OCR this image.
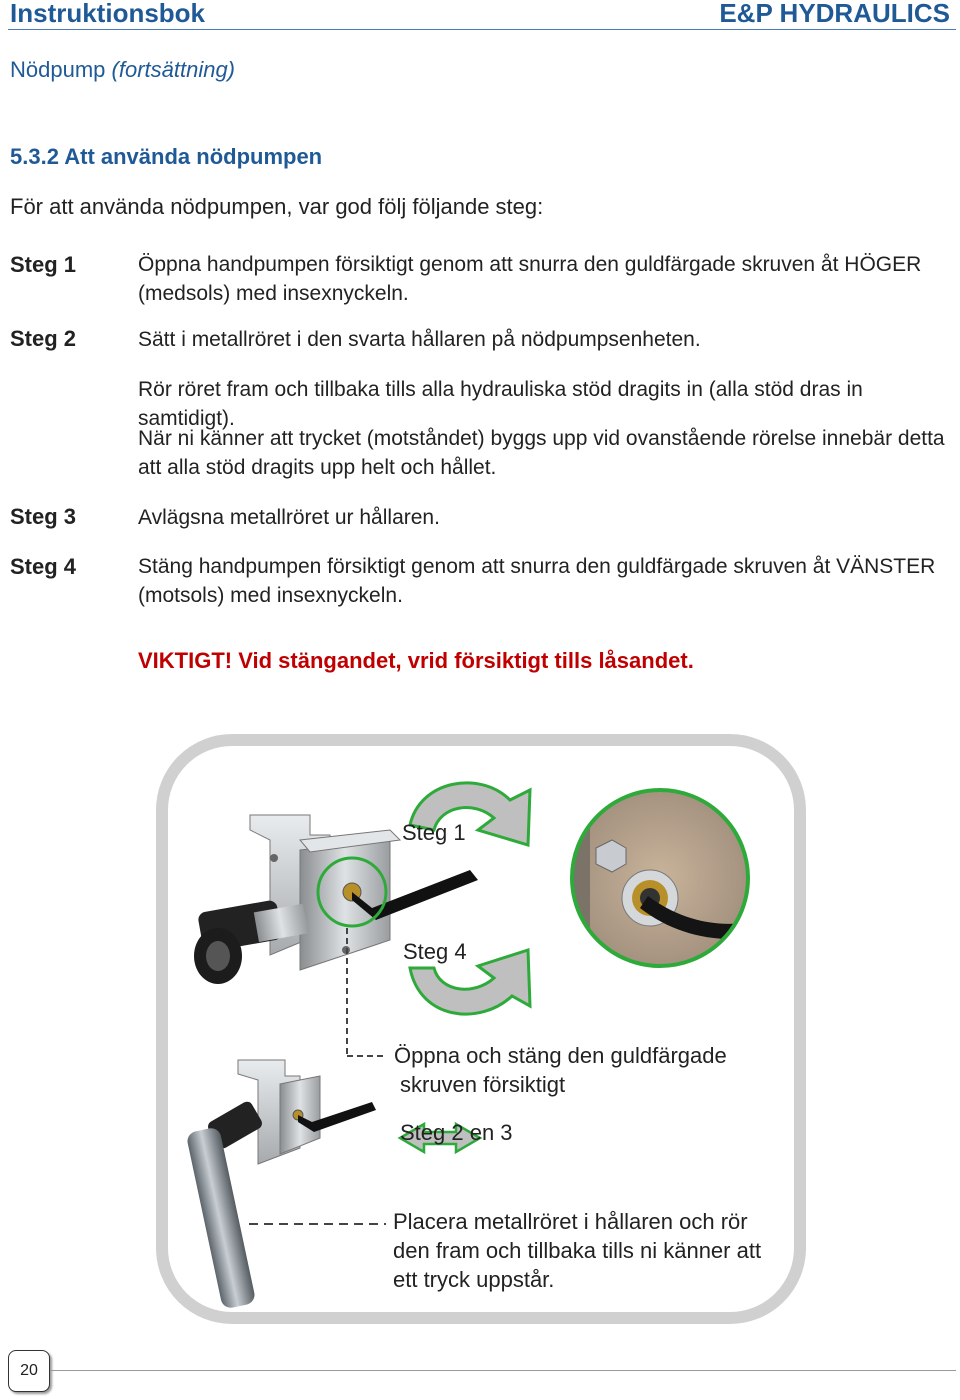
Instruktionsbok	E&P HYDRAULICS
Nödpump (fortsättning)
5.3.2 Att använda nödpumpen
För att använda nödpumpen, var god följ följande steg:
Steg 1	Öppna handpumpen försiktigt genom att snurra den guldfärgade skruven åt HÖGER (medsols) med insexnyckeln.
Steg 2	Sätt i metallröret i den svarta hållaren på nödpumpsenheten.
Rör röret fram och tillbaka tills alla hydrauliska stöd dragits in (alla stöd dras in samtidigt).
När ni känner att trycket (motståndet) byggs upp vid ovanstående rörelse innebär detta att alla stöd dragits upp helt och hållet.
Steg 3	Avlägsna metallröret ur hållaren.
Steg 4	Stäng handpumpen försiktigt genom att snurra den guldfärgade skruven åt VÄNSTER (motsols) med insexnyckeln.
VIKTIGT! Vid stängandet, vrid försiktigt tills låsandet.
Steg 1
Steg 4
Öppna och stäng den guldfärgade
skruven försiktigt
Steg 2 en 3
Placera metallröret i hållaren och rör
den fram och tillbaka tills ni känner att
ett tryck uppstår.
20
